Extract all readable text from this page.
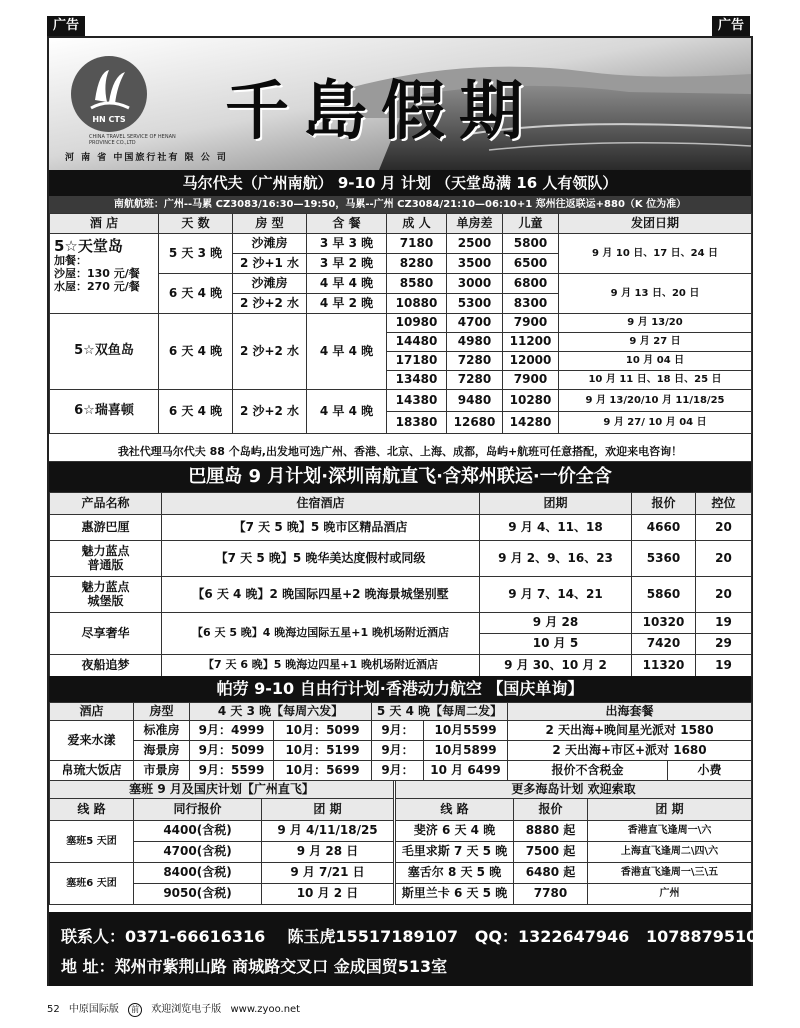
广告	广告
HN CTS
CHINA TRAVEL SERVICE OF HENAN PROVINCE CO.,LTD
河 南 省 中国旅行社有 限 公 司
千島假期
马尔代夫（广州南航） 9-10 月 计划 （天堂岛满 16 人有领队）
南航航班：广州--马累 CZ3083/16:30—19:50，马累--广州 CZ3084/21:10—06:10+1 郑州往返联运+880（K 位为准）
酒 店	天 数	房 型	含 餐	成 人	单房差	儿童	发团日期

5☆天堂岛
加餐：
沙屋：130 元/餐
水屋：270 元/餐	5 天 3 晚	沙滩房	3 早 3 晚	7180	2500	5800	9 月 10 日、17 日、24 日
		2 沙+1 水	3 早 2 晚	8280	3500	6500	
	6 天 4 晚	沙滩房	4 早 4 晚	8580	3000	6800	9 月 13 日、20 日
		2 沙+2 水	4 早 2 晚	10880	5300	8300	
5☆双鱼岛	6 天 4 晚	2 沙+2 水	4 早 4 晚	10980	4700	7900	9 月 13/20
				14480	4980	11200	9 月 27 日
				17180	7280	12000	10 月 04 日
				13480	7280	7900	10 月 11 日、18 日、25 日
6☆瑞喜顿	6 天 4 晚	2 沙+2 水	4 早 4 晚	14380	9480	10280	9 月 13/20/10 月 11/18/25
				18380	12680	14280	9 月 27/ 10 月 04 日
我社代理马尔代夫 88 个岛屿,出发地可选广州、香港、北京、上海、成都，岛屿+航班可任意搭配，欢迎来电咨询！
巴厘岛 9 月计划·深圳南航直飞·含郑州联运·一价全含
产品名称	住宿酒店	团期	报价	控位
惠游巴厘	【7 天 5 晚】5 晚市区精品酒店	9 月 4、11、18	4660	20

魅力蓝点
普通版	【7 天 5 晚】5 晚华美达度假村或同级	9 月 2、9、16、23	5360	20

魅力蓝点
城堡版	【6 天 4 晚】2 晚国际四星+2 晚海景城堡别墅	9 月 7、14、21	5860	20
尽享奢华	【6 天 5 晚】4 晚海边国际五星+1 晚机场附近酒店	9 月 28	10320	19
		10 月 5	7420	29
夜船追梦	【7 天 6 晚】5 晚海边四星+1 晚机场附近酒店	9 月 30、10 月 2	11320	19
帕劳 9-10 自由行计划·香港动力航空 【国庆单询】
酒店	房型	4 天 3 晚【每周六发】		5 天 4 晚【每周二发】		出海套餐	
爱来水漾	标准房	9月：4999	10月：5099	9月：	10月5599	2 天出海+晚间星光派对 1580	
	海景房	9月：5099	10月：5199	9月：	10月5899	2 天出海+市区+派对 1680	
帛琉大饭店	市景房	9月：5599	10月：5699	9月：	10 月 6499	报价不含税金	小费
塞班 9 月及国庆计划【广州直飞】		
线 路	同行报价	团 期
塞班5 天团	4400(含税)	9 月 4/11/18/25
	4700(含税)	9 月 28 日
塞班6 天团	8400(含税)	9 月 7/21 日
	9050(含税)	10 月 2 日
更多海岛计划 欢迎索取		
线 路	报价	团 期
斐济 6 天 4 晚	8880 起	香港直飞逢周一\六
毛里求斯 7 天 5 晚	7500 起	上海直飞逢周二\四\六
塞舌尔 8 天 5 晚	6480 起	香港直飞逢周一\三\五
斯里兰卡 6 天 5 晚	7780	广州
联系人：0371-66616316 陈玉虎15517189107 QQ：1322647946 1078879510
地 址：郑州市紫荆山路 商城路交叉口 金成国贸513室
52 中原国际版 前 欢迎浏览电子版 www.zyoo.net
